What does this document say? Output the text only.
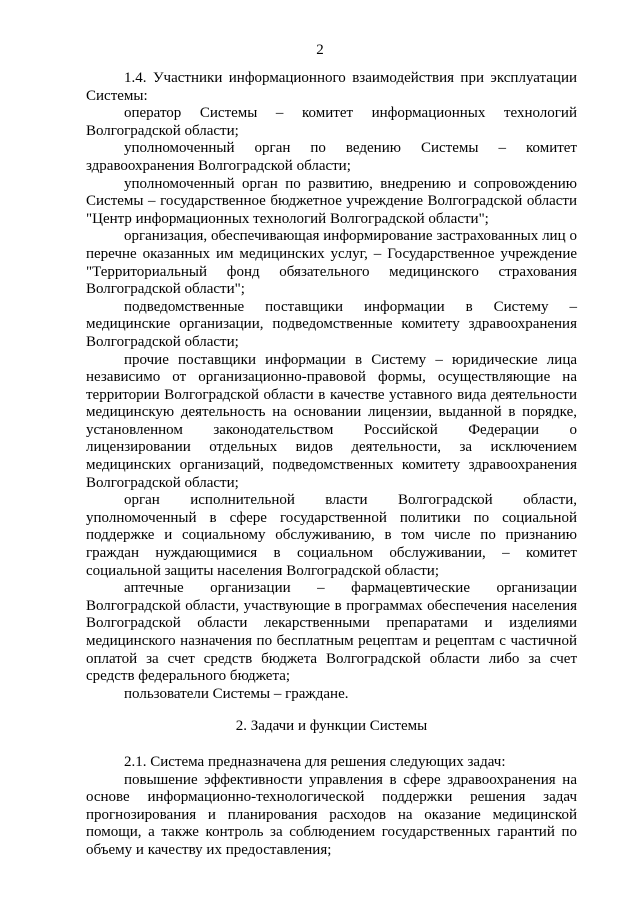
2

1.4. Участники информационного взаимодействия при эксплуатации Системы:

оператор Системы – комитет информационных технологий Волгоградской области;

уполномоченный орган по ведению Системы – комитет здравоохранения Волгоградской области;

уполномоченный орган по развитию, внедрению и сопровождению Системы – государственное бюджетное учреждение Волгоградской области "Центр информационных технологий Волгоградской области";

организация, обеспечивающая информирование застрахованных лиц о перечне оказанных им медицинских услуг, – Государственное учреждение "Территориальный фонд обязательного медицинского страхования Волгоградской области";

подведомственные поставщики информации в Систему – медицинские организации, подведомственные комитету здравоохранения Волгоградской области;

прочие поставщики информации в Систему – юридические лица независимо от организационно-правовой формы, осуществляющие на территории Волгоградской области в качестве уставного вида деятельности медицинскую деятельность на основании лицензии, выданной в порядке, установленном законодательством Российской Федерации о лицензировании отдельных видов деятельности, за исключением медицинских организаций, подведомственных комитету здравоохранения Волгоградской области;

орган исполнительной власти Волгоградской области, уполномоченный в сфере государственной политики по социальной поддержке и социальному обслуживанию, в том числе по признанию граждан нуждающимися в социальном обслуживании, – комитет социальной защиты населения Волгоградской области;

аптечные организации – фармацевтические организации Волгоградской области, участвующие в программах обеспечения населения Волгоградской области лекарственными препаратами и изделиями медицинского назначения по бесплатным рецептам и рецептам с частичной оплатой за счет средств бюджета Волгоградской области либо за счет средств федерального бюджета;

пользователи Системы – граждане.

2. Задачи и функции Системы

2.1. Система предназначена для решения следующих задач:

повышение эффективности управления в сфере здравоохранения на основе информационно-технологической поддержки решения задач прогнозирования и планирования расходов на оказание медицинской помощи, а также контроль за соблюдением государственных гарантий по объему и качеству их предоставления;
